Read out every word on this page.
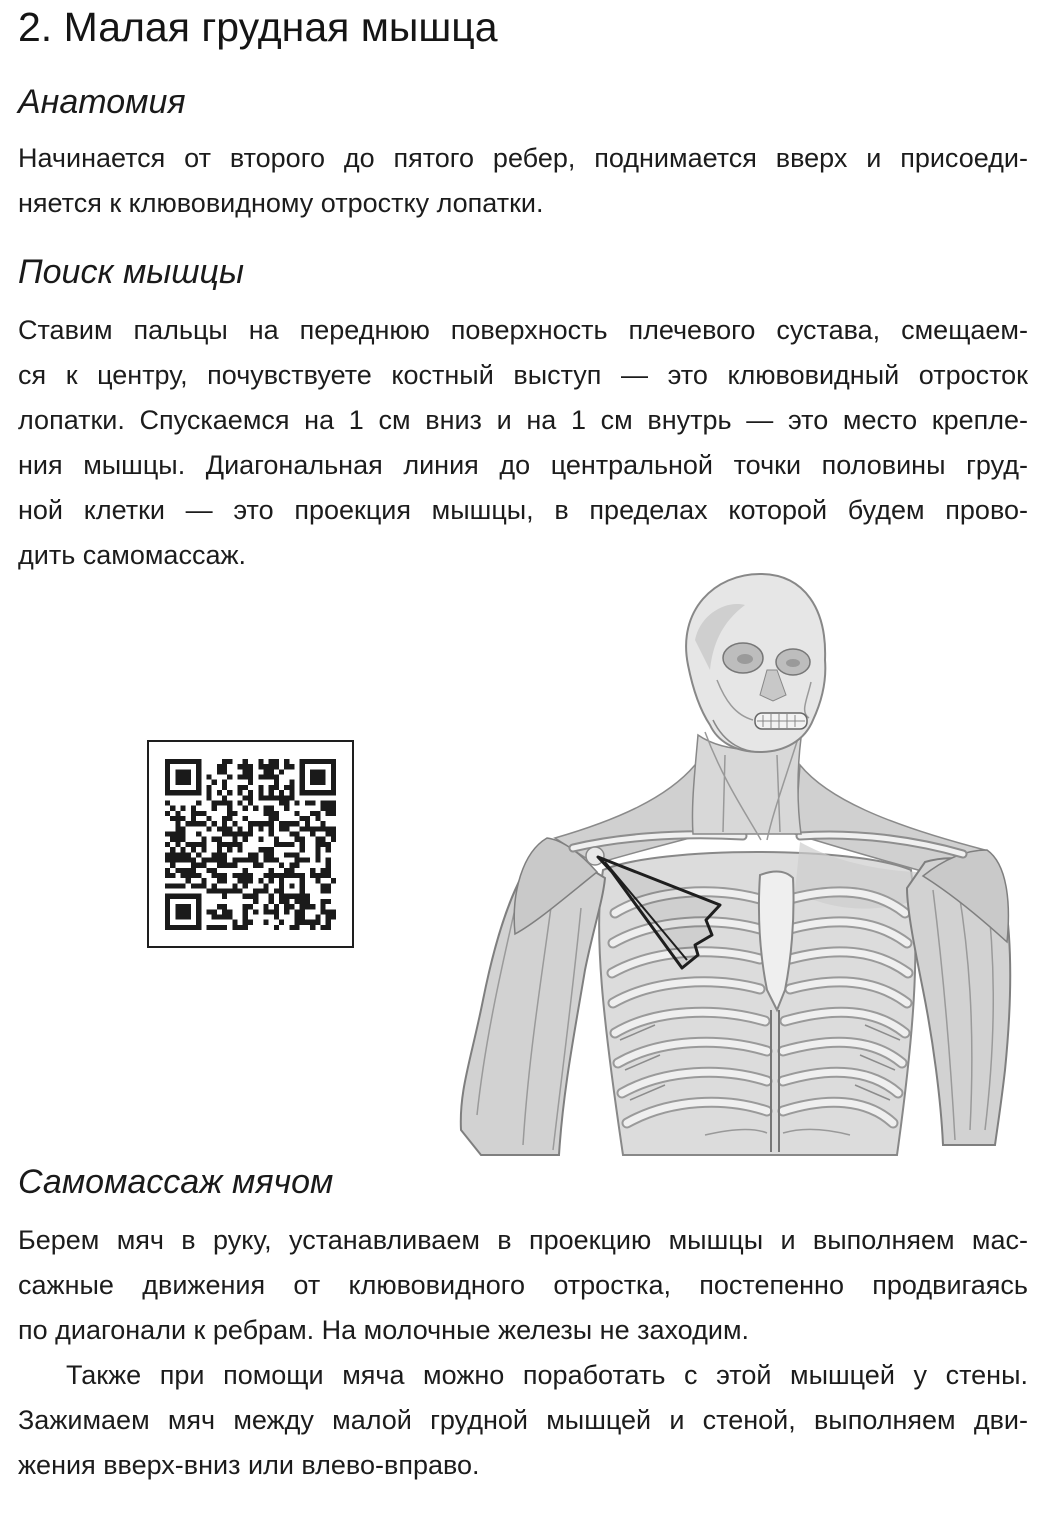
2. Малая грудная мышца
Анатомия
Начинается от второго до пятого ребер, поднимается вверх и присоеди-
няется к клювовидному отростку лопатки.
Поиск мышцы
Ставим пальцы на переднюю поверхность плечевого сустава, смещаем-
ся к центру, почувствуете костный выступ — это клювовидный отросток
лопатки. Спускаемся на 1 см вниз и на 1 см внутрь — это место крепле-
ния мышцы. Диагональная линия до центральной точки половины груд-
ной клетки — это проекция мышцы, в пределах которой будем прово-
дить самомассаж.
Самомассаж мячом
Берем мяч в руку, устанавливаем в проекцию мышцы и выполняем мас-
сажные движения от клювовидного отростка, постепенно продвигаясь
по диагонали к ребрам. На молочные железы не заходим.
Также при помощи мяча можно поработать с этой мышцей у стены.
Зажимаем мяч между малой грудной мышцей и стеной, выполняем дви-
жения вверх-вниз или влево-вправо.
